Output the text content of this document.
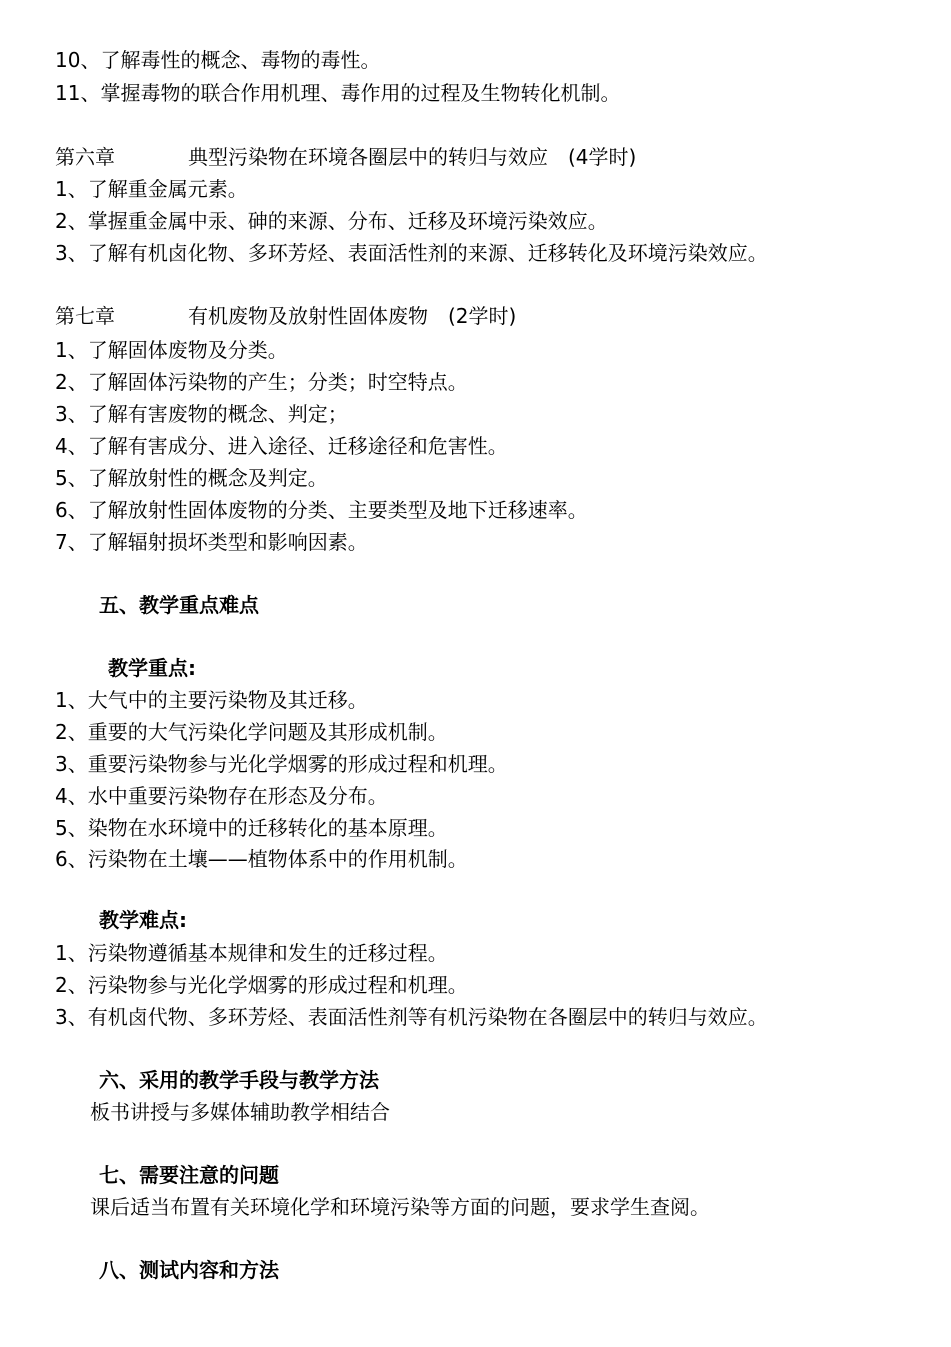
10、了解毒性的概念、毒物的毒性。
11、掌握毒物的联合作用机理、毒作用的过程及生物转化机制。
第六章	典型污染物在环境各圈层中的转归与效应　(4学时)
1、了解重金属元素。
2、掌握重金属中汞、砷的来源、分布、迁移及环境污染效应。
3、了解有机卤化物、多环芳烃、表面活性剂的来源、迁移转化及环境污染效应。
第七章	有机废物及放射性固体废物　(2学时)
1、了解固体废物及分类。
2、了解固体污染物的产生；分类；时空特点。
3、了解有害废物的概念、判定；
4、了解有害成分、进入途径、迁移途径和危害性。
5、了解放射性的概念及判定。
6、了解放射性固体废物的分类、主要类型及地下迁移速率。
7、了解辐射损坏类型和影响因素。
五、教学重点难点
教学重点:
1、大气中的主要污染物及其迁移。
2、重要的大气污染化学问题及其形成机制。
3、重要污染物参与光化学烟雾的形成过程和机理。
4、水中重要污染物存在形态及分布。
5、染物在水环境中的迁移转化的基本原理。
6、污染物在土壤——植物体系中的作用机制。
教学难点:
1、污染物遵循基本规律和发生的迁移过程。
2、污染物参与光化学烟雾的形成过程和机理。
3、有机卤代物、多环芳烃、表面活性剂等有机污染物在各圈层中的转归与效应。
六、采用的教学手段与教学方法
板书讲授与多媒体辅助教学相结合
七、需要注意的问题
课后适当布置有关环境化学和环境污染等方面的问题，要求学生查阅。
八、测试内容和方法
